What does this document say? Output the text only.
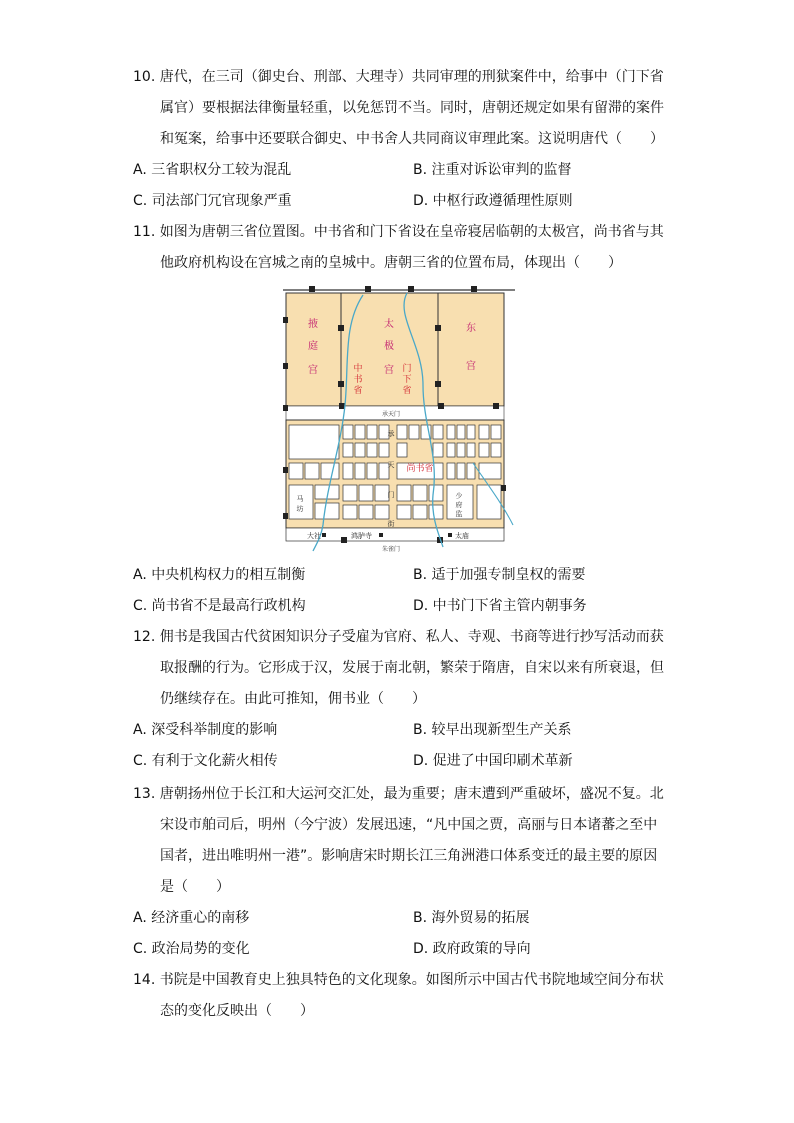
10. 唐代，在三司（御史台、刑部、大理寺）共同审理的刑狱案件中，给事中（门下省
属官）要根据法律衡量轻重，以免惩罚不当。同时，唐朝还规定如果有留滞的案件
和冤案，给事中还要联合御史、中书舍人共同商议审理此案。这说明唐代（　　）
A. 三省职权分工较为混乱	B. 注重对诉讼审判的监督
C. 司法部门冗官现象严重	D. 中枢行政遵循理性原则
11. 如图为唐朝三省位置图。中书省和门下省设在皇帝寝居临朝的太极宫，尚书省与其
他政府机构设在宫城之南的皇城中。唐朝三省的位置布局，体现出（　　）
掖
庭
宫
太
极
宫
东
宫
中
书
省
门
下
省
承天门
朱雀门
承
天
门
街
尚书省
马
坊
少
府
监
大社	鸿胪寺	太庙
A. 中央机构权力的相互制衡	B. 适于加强专制皇权的需要
C. 尚书省不是最高行政机构	D. 中书门下省主管内朝事务
12. 佣书是我国古代贫困知识分子受雇为官府、私人、寺观、书商等进行抄写活动而获
取报酬的行为。它形成于汉，发展于南北朝，繁荣于隋唐，自宋以来有所衰退，但
仍继续存在。由此可推知，佣书业（　　）
A. 深受科举制度的影响	B. 较早出现新型生产关系
C. 有利于文化薪火相传	D. 促进了中国印刷术革新
13. 唐朝扬州位于长江和大运河交汇处，最为重要；唐末遭到严重破坏，盛况不复。北
宋设市舶司后，明州（今宁波）发展迅速，“凡中国之贾，高丽与日本诸蕃之至中
国者，进出唯明州一港”。影响唐宋时期长江三角洲港口体系变迁的最主要的原因
是（　　）
A. 经济重心的南移	B. 海外贸易的拓展
C. 政治局势的变化	D. 政府政策的导向
14. 书院是中国教育史上独具特色的文化现象。如图所示中国古代书院地域空间分布状
态的变化反映出（　　）
